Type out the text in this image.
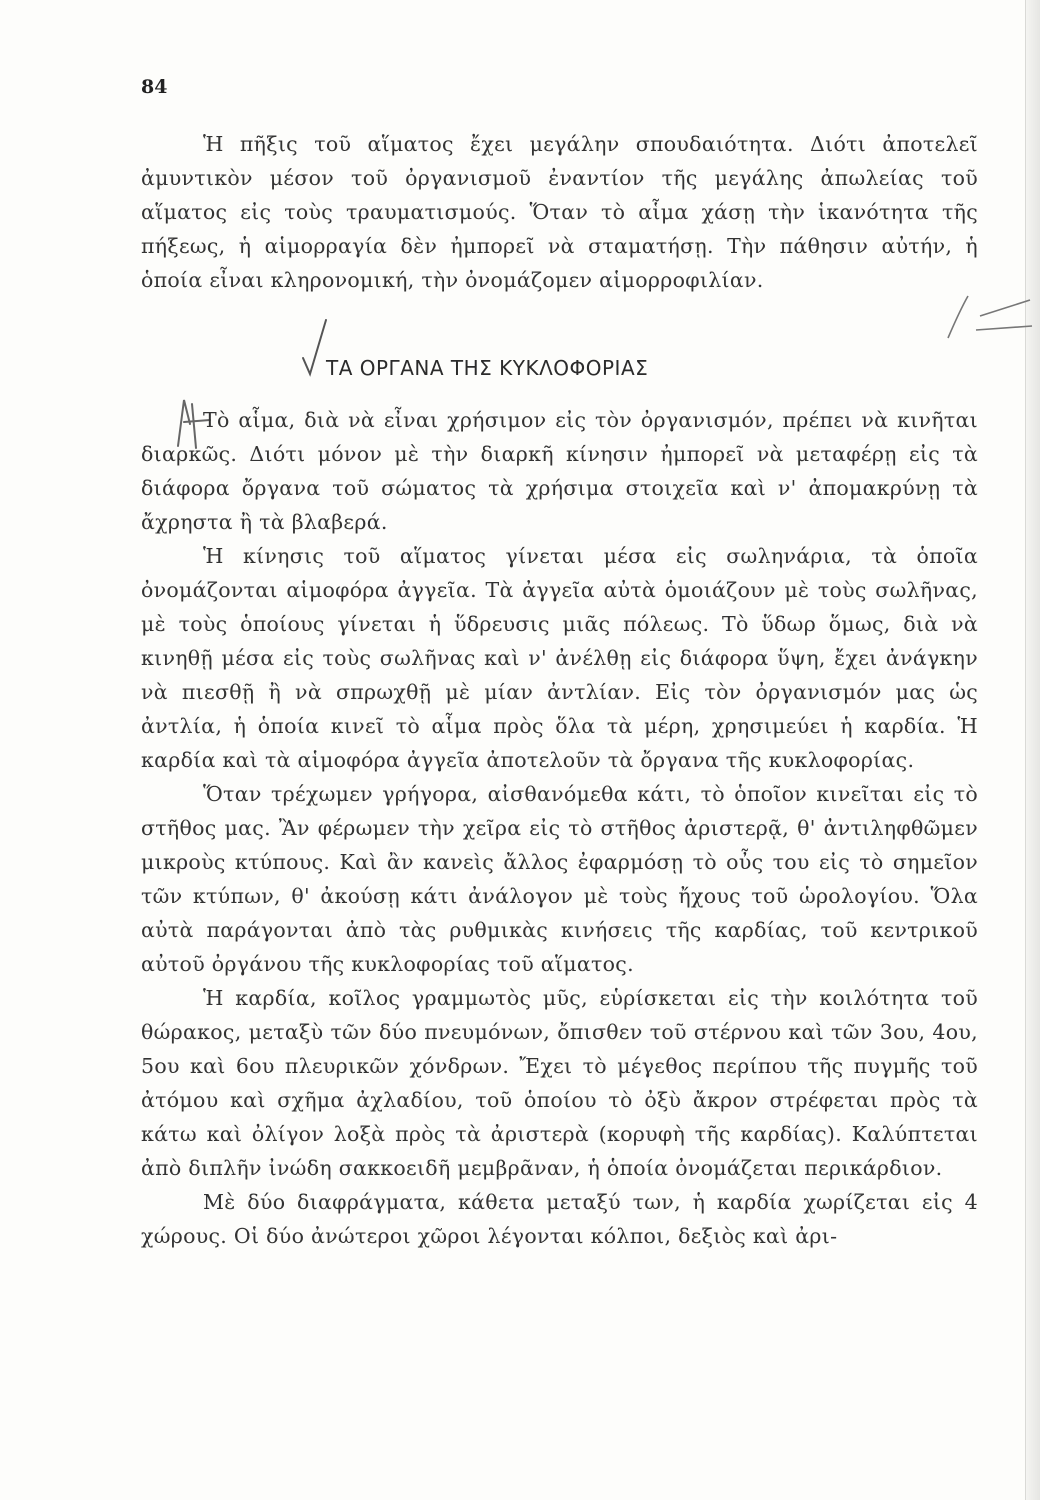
84

Ἡ πῆξις τοῦ αἵματος ἔχει μεγάλην σπουδαιότητα. Διότι ἀποτελεῖ ἀμυντικὸν μέσον τοῦ ὀργανισμοῦ ἐναντίον τῆς μεγάλης ἀπωλείας τοῦ αἵματος εἰς τοὺς τραυματισμούς. Ὅταν τὸ αἷμα χάσῃ τὴν ἱκανότητα τῆς πήξεως, ἡ αἱμορραγία δὲν ἠμπορεῖ νὰ σταματήσῃ. Τὴν πάθησιν αὐτήν, ἡ ὁποία εἶναι κληρονομική, τὴν ὀνομάζομεν αἱμορροφιλίαν.

ΤΑ ΟΡΓΑΝΑ ΤΗΣ ΚΥΚΛΟΦΟΡΙΑΣ

Τὸ αἷμα, διὰ νὰ εἶναι χρήσιμον εἰς τὸν ὀργανισμόν, πρέπει νὰ κινῆται διαρκῶς. Διότι μόνον μὲ τὴν διαρκῆ κίνησιν ἠμπορεῖ νὰ μεταφέρῃ εἰς τὰ διάφορα ὄργανα τοῦ σώματος τὰ χρήσιμα στοιχεῖα καὶ ν' ἀπομακρύνῃ τὰ ἄχρηστα ἢ τὰ βλαβερά.

Ἡ κίνησις τοῦ αἵματος γίνεται μέσα εἰς σωληνάρια, τὰ ὁποῖα ὀνομάζονται αἱμοφόρα ἀγγεῖα. Τὰ ἀγγεῖα αὐτὰ ὁμοιάζουν μὲ τοὺς σωλῆνας, μὲ τοὺς ὁποίους γίνεται ἡ ὕδρευσις μιᾶς πόλεως. Τὸ ὕδωρ ὅμως, διὰ νὰ κινηθῇ μέσα εἰς τοὺς σωλῆνας καὶ ν' ἀνέλθῃ εἰς διάφορα ὕψη, ἔχει ἀνάγκην νὰ πιεσθῇ ἢ νὰ σπρωχθῇ μὲ μίαν ἀντλίαν. Εἰς τὸν ὀργανισμόν μας ὡς ἀντλία, ἡ ὁποία κινεῖ τὸ αἷμα πρὸς ὅλα τὰ μέρη, χρησιμεύει ἡ καρδία. Ἡ καρδία καὶ τὰ αἱμοφόρα ἀγγεῖα ἀποτελοῦν τὰ ὄργανα τῆς κυκλοφορίας.

Ὅταν τρέχωμεν γρήγορα, αἰσθανόμεθα κάτι, τὸ ὁποῖον κινεῖται εἰς τὸ στῆθος μας. Ἂν φέρωμεν τὴν χεῖρα εἰς τὸ στῆθος ἀριστερᾷ, θ' ἀντιληφθῶμεν μικροὺς κτύπους. Καὶ ἂν κανεὶς ἄλλος ἐφαρμόσῃ τὸ οὖς του εἰς τὸ σημεῖον τῶν κτύπων, θ' ἀκούσῃ κάτι ἀνάλογον μὲ τοὺς ἤχους τοῦ ὡρολογίου. Ὅλα αὐτὰ παράγονται ἀπὸ τὰς ρυθμικὰς κινήσεις τῆς καρδίας, τοῦ κεντρικοῦ αὐτοῦ ὀργάνου τῆς κυκλοφορίας τοῦ αἵματος.

Ἡ καρδία, κοῖλος γραμμωτὸς μῦς, εὑρίσκεται εἰς τὴν κοιλότητα τοῦ θώρακος, μεταξὺ τῶν δύο πνευμόνων, ὄπισθεν τοῦ στέρνου καὶ τῶν 3ου, 4ου, 5ου καὶ 6ου πλευρικῶν χόνδρων. Ἔχει τὸ μέγεθος περίπου τῆς πυγμῆς τοῦ ἀτόμου καὶ σχῆμα ἀχλαδίου, τοῦ ὁποίου τὸ ὀξὺ ἄκρον στρέφεται πρὸς τὰ κάτω καὶ ὀλίγον λοξὰ πρὸς τὰ ἀριστερὰ (κορυφὴ τῆς καρδίας). Καλύπτεται ἀπὸ διπλῆν ἰνώδη σακκοειδῆ μεμβρᾶναν, ἡ ὁποία ὀνομάζεται περικάρδιον.

Μὲ δύο διαφράγματα, κάθετα μεταξύ των, ἡ καρδία χωρίζεται εἰς 4 χώρους. Οἱ δύο ἀνώτεροι χῶροι λέγονται κόλποι, δεξιὸς καὶ ἀρι-
